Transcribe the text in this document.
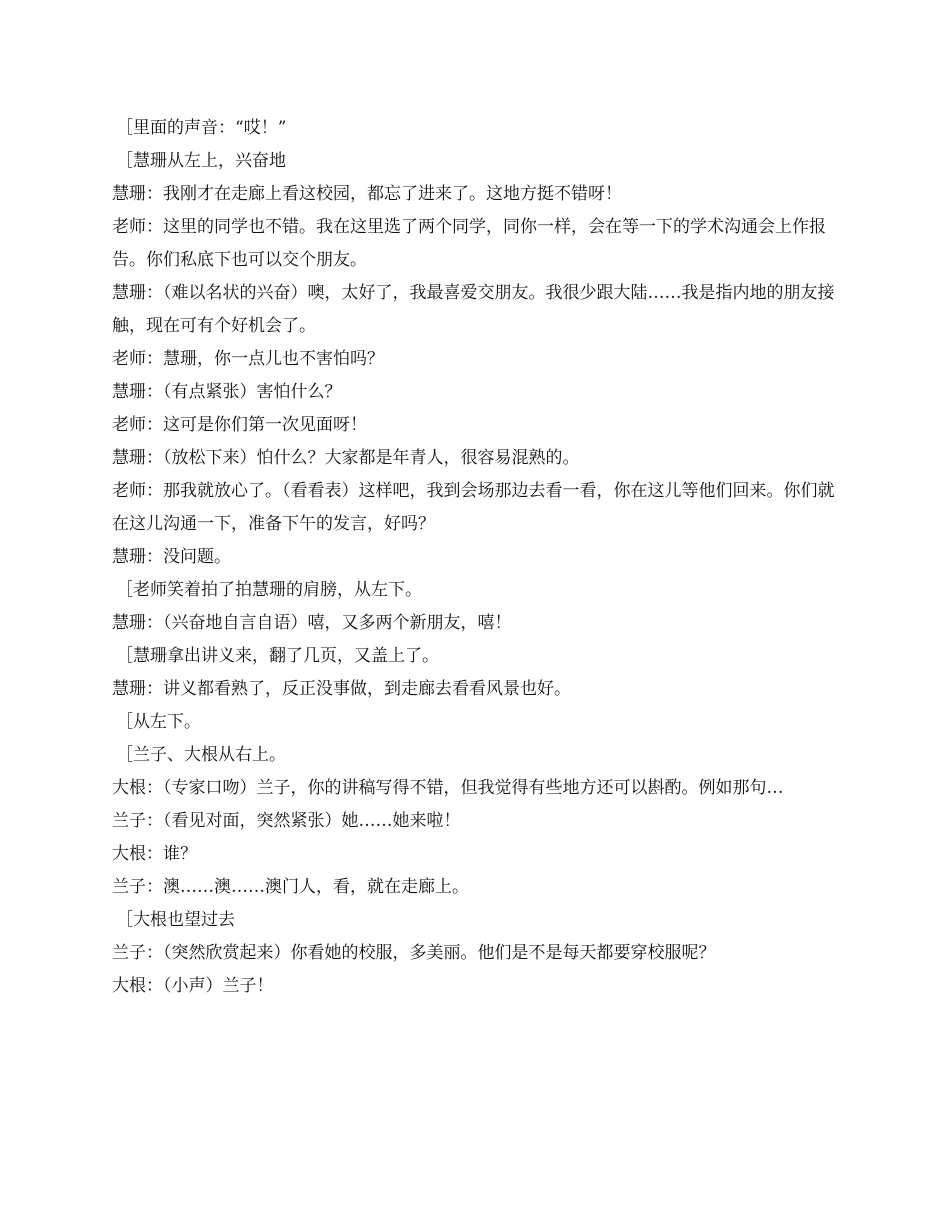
［里面的声音：“哎！”

［慧珊从左上，兴奋地

慧珊：我刚才在走廊上看这校园，都忘了进来了。这地方挺不错呀！

老师：这里的同学也不错。我在这里选了两个同学，同你一样，会在等一下的学术沟通会上作报告。你们私底下也可以交个朋友。

慧珊：（难以名状的兴奋）噢，太好了，我最喜爱交朋友。我很少跟大陆……我是指内地的朋友接触，现在可有个好机会了。

老师：慧珊，你一点儿也不害怕吗？

慧珊：（有点紧张）害怕什么？

老师：这可是你们第一次见面呀！

慧珊：（放松下来）怕什么？大家都是年青人，很容易混熟的。

老师：那我就放心了。（看看表）这样吧，我到会场那边去看一看，你在这儿等他们回来。你们就在这儿沟通一下，准备下午的发言，好吗？

慧珊：没问题。

［老师笑着拍了拍慧珊的肩膀，从左下。

慧珊：（兴奋地自言自语）嘻，又多两个新朋友，嘻！

［慧珊拿出讲义来，翻了几页，又盖上了。

慧珊：讲义都看熟了，反正没事做，到走廊去看看风景也好。

［从左下。

［兰子、大根从右上。

大根：（专家口吻）兰子，你的讲稿写得不错，但我觉得有些地方还可以斟酌。例如那句…

兰子：（看见对面，突然紧张）她……她来啦！

大根：谁？

兰子：澳……澳……澳门人，看，就在走廊上。

［大根也望过去

兰子：（突然欣赏起来）你看她的校服，多美丽。他们是不是每天都要穿校服呢？

大根：（小声）兰子！
